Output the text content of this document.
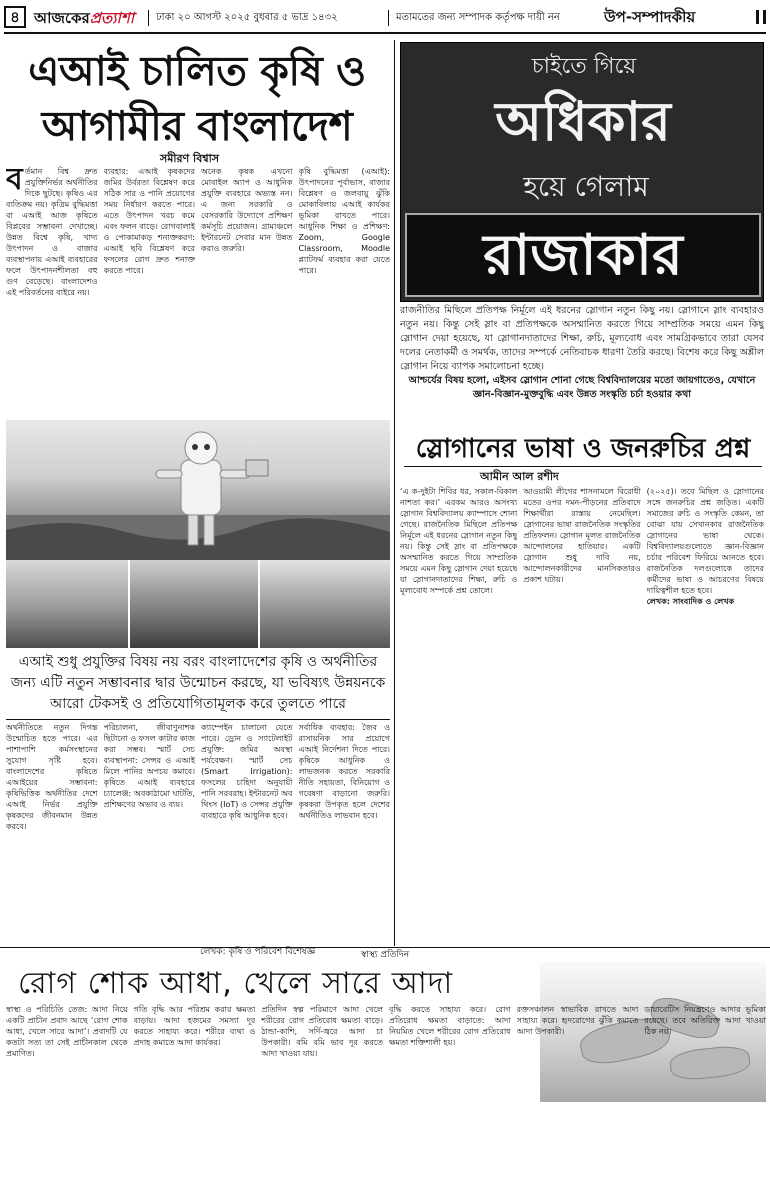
৪ আজকেরপ্রত্যাশা ঢাকা ২০ আগস্ট ২০২৫ বুধবার ৫ ভাদ্র ১৪৩২	মতামতের জন্য সম্পাদক কর্তৃপক্ষ দায়ী নন	উপ-সম্পাদকীয়
এআই চালিত কৃষি ও আগামীর বাংলাদেশ
সমীরণ বিশ্বাস
বর্তমান বিশ্ব দ্রুত প্রযুক্তিনির্ভর অর্থনীতির দিকে ছুটছে। কৃষিও এর ব্যতিক্রম নয়। কৃত্রিম বুদ্ধিমত্তা বা এআই আজ কৃষিতে বিপ্লবের সম্ভাবনা দেখাচ্ছে। উন্নত বিশ্বে কৃষি, খাদ্য উৎপাদন ও বাজার ব্যবস্থাপনায় এআই ব্যবহারের ফলে উৎপাদনশীলতা বহু গুণ বেড়েছে। বাংলাদেশও এই পরিবর্তনের বাইরে নয়।
ব্যবহার: এআই কৃষকদের জমির উর্বরতা বিশ্লেষণ করে সঠিক সার ও পানি প্রয়োগের সময় নির্ধারণ করতে পারে। এতে উৎপাদন খরচ কমে এবং ফলন বাড়ে। রোগবালাই ও পোকামাকড় শনাক্তকরণ: এআই ছবি বিশ্লেষণ করে ফসলের রোগ দ্রুত শনাক্ত করতে পারে।
অনেক কৃষক এখনো মোবাইল অ্যাপ ও আধুনিক প্রযুক্তি ব্যবহারে অভ্যস্ত নন। এ জন্য সরকারি ও বেসরকারি উদ্যোগে প্রশিক্ষণ কর্মসূচি প্রয়োজন। গ্রামাঞ্চলে ইন্টারনেট সেবার মান উন্নত করাও জরুরি।
কৃষি বুদ্ধিমত্তা (এআই): উৎপাদনের পূর্বাভাস, বাজার বিশ্লেষণ ও জলবায়ু ঝুঁকি মোকাবিলায় এআই কার্যকর ভূমিকা রাখতে পারে। আধুনিক শিক্ষা ও প্রশিক্ষণ: Zoom, Google Classroom, Moodle প্ল্যাটফর্ম ব্যবহার করা যেতে পারে।
এআই শুধু প্রযুক্তির বিষয় নয় বরং বাংলাদেশের কৃষি ও অর্থনীতির জন্য এটি নতুন সম্ভাবনার দ্বার উন্মোচন করছে, যা ভবিষ্যৎ উন্নয়নকে আরো টেকসই ও প্রতিযোগিতামূলক করে তুলতে পারে
অর্থনীতিতে নতুন দিগন্ত উন্মোচিত হতে পারে। এর পাশাপাশি কর্মসংস্থানের সুযোগ সৃষ্টি হবে। বাংলাদেশের কৃষিতে এআইয়ের সম্ভাবনা: কৃষিভিত্তিক অর্থনীতির দেশে এআই নির্ভর প্রযুক্তি কৃষকদের জীবনমান উন্নত করবে।
পরিচালনা, জীবাণুনাশক ছিটানো ও ফসল কাটার কাজ করা সম্ভব। স্মার্ট সেচ ব্যবস্থাপনা: সেন্সর ও এআই মিলে পানির অপচয় কমাবে। কৃষিতে এআই ব্যবহারে চ্যালেঞ্জ: অবকাঠামো ঘাটতি, প্রশিক্ষণের অভাব ও ব্যয়।
ক্যাম্পেইন চালানো যেতে পারে। ড্রোন ও স্যাটেলাইট প্রযুক্তি: জমির অবস্থা পর্যবেক্ষণ। স্মার্ট সেচ (Smart Irrigation): ফসলের চাহিদা অনুযায়ী পানি সরবরাহ। ইন্টারনেট অব থিংস (IoT) ও সেন্সর প্রযুক্তি ব্যবহারে কৃষি আধুনিক হবে।
সর্বাধিক ব্যবহার: জৈব ও রাসায়নিক সার প্রয়োগে এআই নির্দেশনা দিতে পারে। কৃষিকে আধুনিক ও লাভজনক করতে সরকারি নীতি সহায়তা, বিনিয়োগ ও গবেষণা বাড়ানো জরুরি। কৃষকরা উপকৃত হলে দেশের অর্থনীতিও লাভবান হবে।
লেখক: কৃষি ও পরিবেশ বিশেষজ্ঞ
চাইতে গিয়ে
অধিকার
হয়ে গেলাম
রাজাকার
রাজনীতির মিছিলে প্রতিপক্ষ নির্মূলে এই ধরনের স্লোগান নতুন কিছু নয়। স্লোগানে স্লাং ব্যবহারও নতুন নয়। কিন্তু সেই স্লাং বা প্রতিপক্ষকে অসম্মানিত করতে গিয়ে সাম্প্রতিক সময়ে এমন কিছু স্লোগান দেয়া হয়েছে, যা স্লোগানদাতাদের শিক্ষা, রুচি, মূল্যবোধ এবং সামগ্রিকভাবে তারা যেসব দলের নেতাকর্মী ও সমর্থক, তাদের সম্পর্কে নেতিবাচক ধারণা তৈরি করছে। বিশেষ করে কিছু অশ্লীল স্লোগান নিয়ে ব্যাপক সমালোচনা হচ্ছে।
আশ্চর্যের বিষয় হলো, এইসব স্লোগান শোনা গেছে বিশ্ববিদ্যালয়ের মতো জায়গাতেও, যেখানে জ্ঞান-বিজ্ঞান-মুক্তবুদ্ধি এবং উন্নত সংস্কৃতি চর্চা হওয়ার কথা
স্লোগানের ভাষা ও জনরুচির প্রশ্ন
আমীন আল রশীদ
‘এ ক-দুইটা শিবির ধর, সকাল-বিকাল নাশতা কর।’ এরকম আরও অসংখ্য স্লোগান বিশ্ববিদ্যালয় ক্যাম্পাসে শোনা গেছে। রাজনৈতিক মিছিলে প্রতিপক্ষ নির্মূলে এই ধরনের স্লোগান নতুন কিছু নয়। কিন্তু সেই স্লাং বা প্রতিপক্ষকে অসম্মানিত করতে গিয়ে সাম্প্রতিক সময়ে এমন কিছু স্লোগান দেয়া হয়েছে যা স্লোগানদাতাদের শিক্ষা, রুচি ও মূল্যবোধ সম্পর্কে প্রশ্ন তোলে।
আওয়ামী লীগের শাসনামলে বিরোধী মতের ওপর দমন-পীড়নের প্রতিবাদে শিক্ষার্থীরা রাস্তায় নেমেছিল। স্লোগানের ভাষা রাজনৈতিক সংস্কৃতির প্রতিফলন। স্লোগান মূলত রাজনৈতিক আন্দোলনের হাতিয়ার। একটি স্লোগান শুধু দাবি নয়, আন্দোলনকারীদের মানসিকতারও প্রকাশ ঘটায়।
(২০২৫)। তবে মিছিল ও স্লোগানের সঙ্গে জনরুচির প্রশ্ন জড়িত। একটি সমাজের রুচি ও সংস্কৃতি কেমন, তা বোঝা যায় সেখানকার রাজনৈতিক স্লোগানের ভাষা থেকে। বিশ্ববিদ্যালয়গুলোতে জ্ঞান-বিজ্ঞান চর্চার পরিবেশ ফিরিয়ে আনতে হবে। রাজনৈতিক দলগুলোকে তাদের কর্মীদের ভাষা ও আচরণের বিষয়ে দায়িত্বশীল হতে হবে।
লেখক: সাংবাদিক ও লেখক
স্বাস্থ্য প্রতিদিন
রোগ শোক আধা, খেলে সারে আদা
স্বাস্থ্য ও পরিচিতি তেজ: আদা নিয়ে একটি প্রাচীন প্রবাদ আছে ‘রোগ শোক আধা, খেলে সারে আদা’। প্রবাদটি যে কতটা সত্য তা সেই প্রাচীনকাল থেকে প্রমাণিত।
গতি বৃদ্ধি আর পরিশ্রম করার ক্ষমতা বাড়ায়। আদা হজমের সমস্যা দূর করতে সাহায্য করে। শরীরে ব্যথা ও প্রদাহ কমাতে আদা কার্যকর।
প্রতিদিন স্বল্প পরিমাণে আদা খেলে শরীরের রোগ প্রতিরোধ ক্ষমতা বাড়ে। ঠান্ডা-কাশি, সর্দি-জ্বরে আদা চা উপকারী। বমি বমি ভাব দূর করতে আদা খাওয়া যায়।
বৃদ্ধি করতে সাহায্য করে। রোগ প্রতিরোধ ক্ষমতা বাড়াতে: আদা নিয়মিত খেলে শরীরের রোগ প্রতিরোধ ক্ষমতা শক্তিশালী হয়।
রক্তসঞ্চালন স্বাভাবিক রাখতে আদা সাহায্য করে। হৃদরোগের ঝুঁকি কমাতে আদা উপকারী।
ডায়াবেটিস নিয়ন্ত্রণেও আদার ভূমিকা রয়েছে। তবে অতিরিক্ত আদা খাওয়া ঠিক নয়।
